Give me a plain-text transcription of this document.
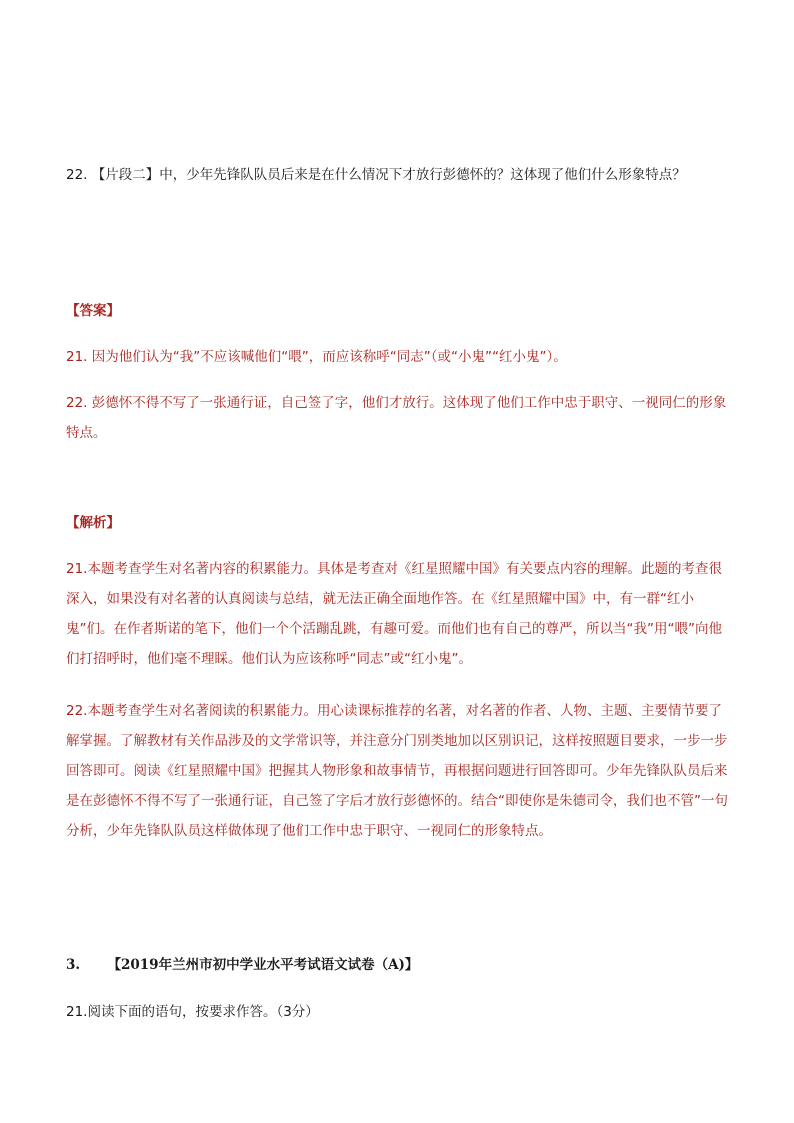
22. 【片段二】中，少年先锋队队员后来是在什么情况下才放行彭德怀的？这体现了他们什么形象特点？

【答案】

21. 因为他们认为“我”不应该喊他们“喂”，而应该称呼“同志”（或“小鬼”“红小鬼”）。

22. 彭德怀不得不写了一张通行证，自己签了字，他们才放行。这体现了他们工作中忠于职守、一视同仁的形象特点。

【解析】

21.本题考查学生对名著内容的积累能力。具体是考查对《红星照耀中国》有关要点内容的理解。此题的考查很深入，如果没有对名著的认真阅读与总结，就无法正确全面地作答。在《红星照耀中国》中，有一群“红小鬼”们。在作者斯诺的笔下，他们一个个活蹦乱跳，有趣可爱。而他们也有自己的尊严，所以当“我”用“喂”向他们打招呼时，他们毫不理睬。他们认为应该称呼“同志”或“红小鬼”。

22.本题考查学生对名著阅读的积累能力。用心读课标推荐的名著，对名著的作者、人物、主题、主要情节要了解掌握。了解教材有关作品涉及的文学常识等，并注意分门别类地加以区别识记，这样按照题目要求，一步一步回答即可。阅读《红星照耀中国》把握其人物形象和故事情节，再根据问题进行回答即可。少年先锋队队员后来是在彭德怀不得不写了一张通行证，自己签了字后才放行彭德怀的。结合“即使你是朱德司令，我们也不管”一句分析，少年先锋队队员这样做体现了他们工作中忠于职守、一视同仁的形象特点。

3. 【2019年兰州市初中学业水平考试语文试卷（A)】

21.阅读下面的语句，按要求作答。（3分）
